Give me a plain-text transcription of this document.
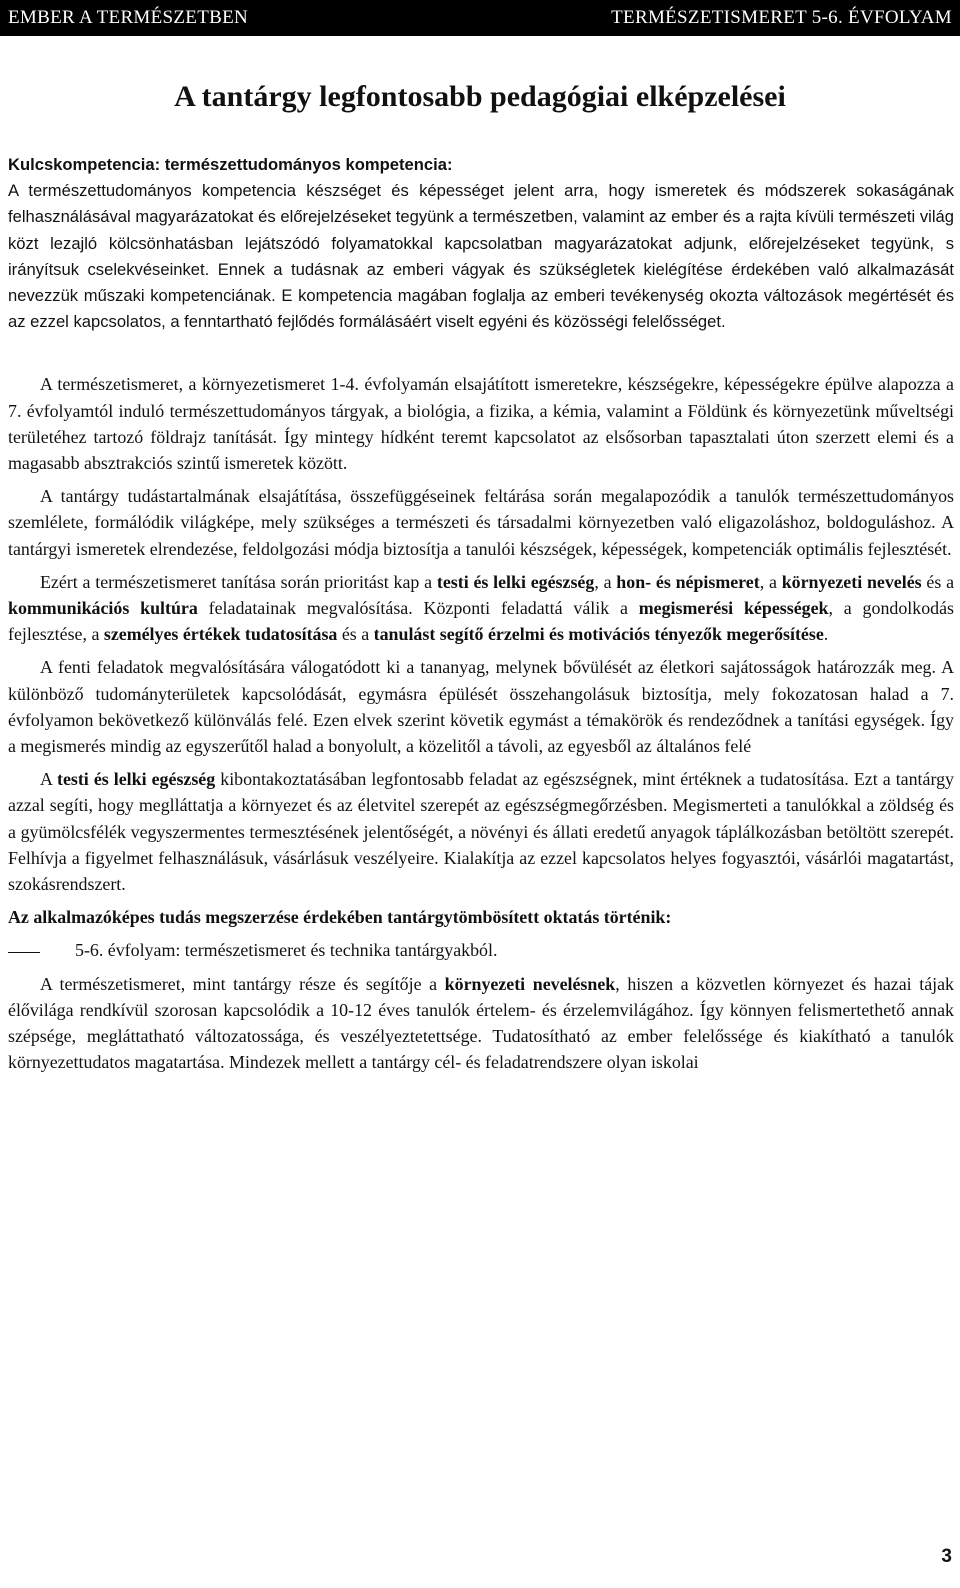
EMBER A TERMÉSZETBEN	TERMÉSZETISMERET 5-6. ÉVFOLYAM
A tantárgy legfontosabb pedagógiai elképzelései
Kulcskompetencia: természettudományos kompetencia:
A természettudományos kompetencia készséget és képességet jelent arra, hogy ismeretek és módszerek sokaságának felhasználásával magyarázatokat és előrejelzéseket tegyünk a természetben, valamint az ember és a rajta kívüli természeti világ közt lezajló kölcsönhatásban lejátszódó folyamatokkal kapcsolatban magyarázatokat adjunk, előrejelzéseket tegyünk, s irányítsuk cselekvéseinket. Ennek a tudásnak az emberi vágyak és szükségletek kielégítése érdekében való alkalmazását nevezzük műszaki kompetenciának. E kompetencia magában foglalja az emberi tevékenység okozta változások megértését és az ezzel kapcsolatos, a fenntartható fejlődés formálásáért viselt egyéni és közösségi felelősséget.
A természetismeret, a környezetismeret 1-4. évfolyamán elsajátított ismeretekre, készségekre, képességekre épülve alapozza a 7. évfolyamtól induló természettudományos tárgyak, a biológia, a fizika, a kémia, valamint a Földünk és környezetünk műveltségi területéhez tartozó földrajz tanítását. Így mintegy hídként teremt kapcsolatot az elsősorban tapasztalati úton szerzett elemi és a magasabb absztrakciós szintű ismeretek között.
A tantárgy tudástartalmának elsajátítása, összefüggéseinek feltárása során megalapozódik a tanulók természettudományos szemlélete, formálódik világképe, mely szükséges a természeti és társadalmi környezetben való eligazoláshoz, boldoguláshoz. A tantárgyi ismeretek elrendezése, feldolgozási módja biztosítja a tanulói készségek, képességek, kompetenciák optimális fejlesztését.
Ezért a természetismeret tanítása során prioritást kap a testi és lelki egészség, a hon- és népismeret, a környezeti nevelés és a kommunikációs kultúra feladatainak megvalósítása. Központi feladattá válik a megismerési képességek, a gondolkodás fejlesztése, a személyes értékek tudatosítása és a tanulást segítő érzelmi és motivációs tényezők megerősítése.
A fenti feladatok megvalósítására válogatódott ki a tananyag, melynek bővülését az életkori sajátosságok határozzák meg. A különböző tudományterületek kapcsolódását, egymásra épülését összehangolásuk biztosítja, mely fokozatosan halad a 7. évfolyamon bekövetkező különválás felé. Ezen elvek szerint követik egymást a témakörök és rendeződnek a tanítási egységek. Így a megismerés mindig az egyszerűtől halad a bonyolult, a közelitől a távoli, az egyesből az általános felé
A testi és lelki egészség kibontakoztatásában legfontosabb feladat az egészségnek, mint értéknek a tudatosítása. Ezt a tantárgy azzal segíti, hogy meglláttatja a környezet és az életvitel szerepét az egészségmegőrzésben. Megismerteti a tanulókkal a zöldség és a gyümölcsfélék vegyszermentes termesztésének jelentőségét, a növényi és állati eredetű anyagok táplálkozásban betöltött szerepét. Felhívja a figyelmet felhasználásuk, vásárlásuk veszélyeire. Kialakítja az ezzel kapcsolatos helyes fogyasztói, vásárlói magatartást, szokásrendszert.
Az alkalmazóképes tudás megszerzése érdekében tantárgytömbösített oktatás történik:
5-6. évfolyam: természetismeret és technika tantárgyakból.
A természetismeret, mint tantárgy része és segítője a környezeti nevelésnek, hiszen a közvetlen környezet és hazai tájak élővilága rendkívül szorosan kapcsolódik a 10-12 éves tanulók értelem- és érzelemvilágához. Így könnyen felismertethető annak szépsége, megláttatható változatossága, és veszélyeztetettsége. Tudatosítható az ember felelőssége és kiakítható a tanulók környezettudatos magatartása. Mindezek mellett a tantárgy cél- és feladatrendszere olyan iskolai
3
